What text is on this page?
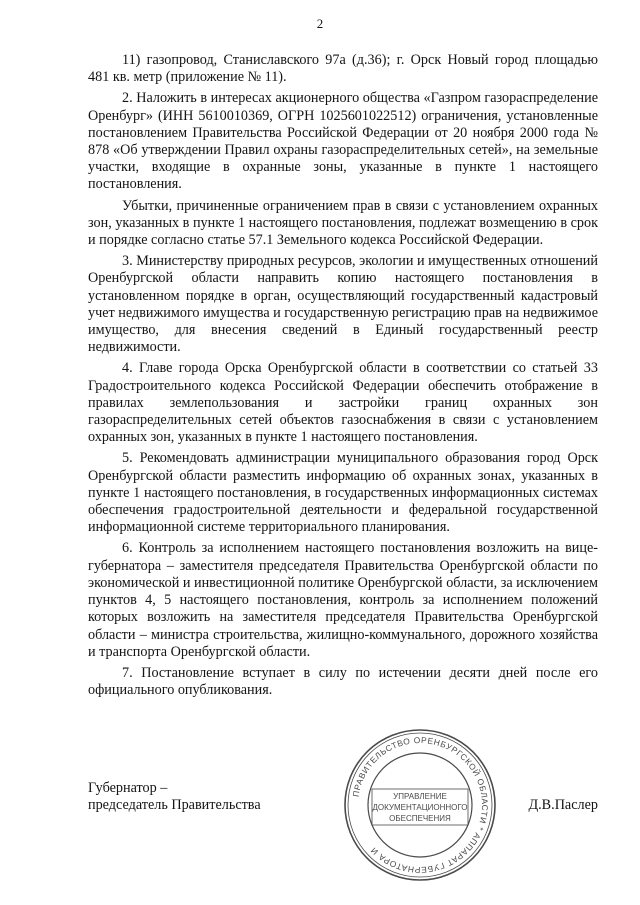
2

11) газопровод, Станиславского 97а (д.36); г. Орск Новый город площадью 481 кв. метр (приложение № 11).

2. Наложить в интересах акционерного общества «Газпром газораспределение Оренбург» (ИНН 5610010369, ОГРН 1025601022512) ограничения, установленные постановлением Правительства Российской Федерации от 20 ноября 2000 года № 878 «Об утверждении Правил охраны газораспределительных сетей», на земельные участки, входящие в охранные зоны, указанные в пункте 1 настоящего постановления.

Убытки, причиненные ограничением прав в связи с установлением охранных зон, указанных в пункте 1 настоящего постановления, подлежат возмещению в срок и порядке согласно статье 57.1 Земельного кодекса Российской Федерации.

3. Министерству природных ресурсов, экологии и имущественных отношений Оренбургской области направить копию настоящего постановления в установленном порядке в орган, осуществляющий государственный кадастровый учет недвижимого имущества и государственную регистрацию прав на недвижимое имущество, для внесения сведений в Единый государственный реестр недвижимости.

4. Главе города Орска Оренбургской области в соответствии со статьей 33 Градостроительного кодекса Российской Федерации обеспечить отображение в правилах землепользования и застройки границ охранных зон газораспределительных сетей объектов газоснабжения в связи с установлением охранных зон, указанных в пункте 1 настоящего постановления.

5. Рекомендовать администрации муниципального образования город Орск Оренбургской области разместить информацию об охранных зонах, указанных в пункте 1 настоящего постановления, в государственных информационных системах обеспечения градостроительной деятельности и федеральной государственной информационной системе территориального планирования.

6. Контроль за исполнением настоящего постановления возложить на вице-губернатора – заместителя председателя Правительства Оренбургской области по экономической и инвестиционной политике Оренбургской области, за исключением пунктов 4, 5 настоящего постановления, контроль за исполнением положений которых возложить на заместителя председателя Правительства Оренбургской области – министра строительства, жилищно-коммунального, дорожного хозяйства и транспорта Оренбургской области.

7. Постановление вступает в силу по истечении десяти дней после его официального опубликования.

Губернатор –
председатель Правительства	Д.В.Паслер
ПРАВИТЕЛЬСТВО ОРЕНБУРГСКОЙ ОБЛАСТИ * АППАРАТ ГУБЕРНАТОРА И
УПРАВЛЕНИЕ
ДОКУМЕНТАЦИОННОГО
ОБЕСПЕЧЕНИЯ
